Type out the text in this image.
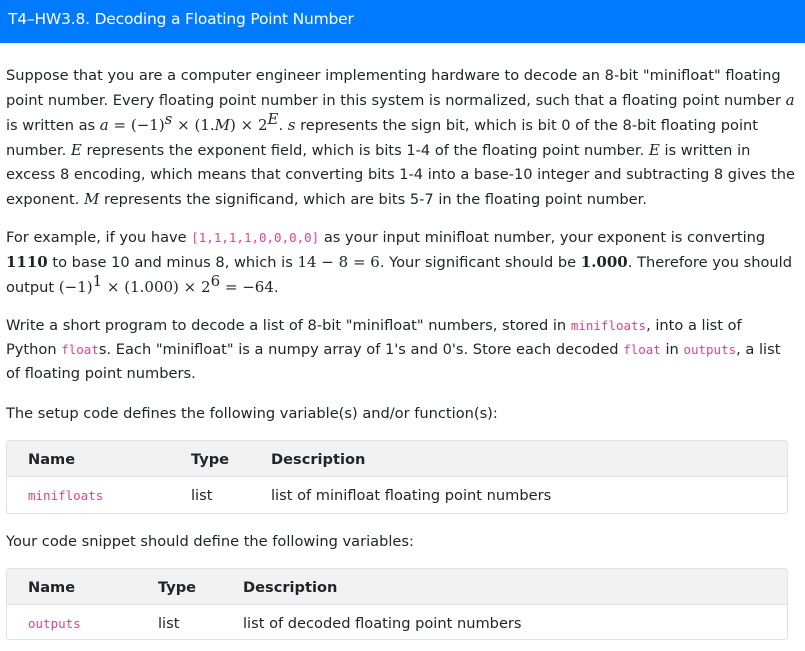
T4–HW3.8. Decoding a Floating Point Number

Suppose that you are a computer engineer implementing hardware to decode an 8-bit "minifloat" floating point number. Every floating point number in this system is normalized, such that a floating point number a is written as $a = (-1)^s \times (1.M) \times 2^E$. s represents the sign bit, which is bit 0 of the 8-bit floating point number. E represents the exponent field, which is bits 1-4 of the floating point number. E is written in excess 8 encoding, which means that converting bits 1-4 into a base-10 integer and subtracting 8 gives the exponent. M represents the significand, which are bits 5-7 in the floating point number.

For example, if you have [1,1,1,1,0,0,0,0] as your input minifloat number, your exponent is converting 1110 to base 10 and minus 8, which is 14 − 8 = 6. Your significant should be 1.000. Therefore you should output $(-1)^1 \times (1.000) \times 2^6 = -64$.

Write a short program to decode a list of 8-bit "minifloat" numbers, stored in minifloats, into a list of Python floats. Each "minifloat" is a numpy array of 1's and 0's. Store each decoded float in outputs, a list of floating point numbers.

The setup code defines the following variable(s) and/or function(s):

Your code snippet should define the following variables:

Name	Type	Description
minifloats	list	list of minifloat floating point numbers
Name	Type	Description
outputs	list	list of decoded floating point numbers
